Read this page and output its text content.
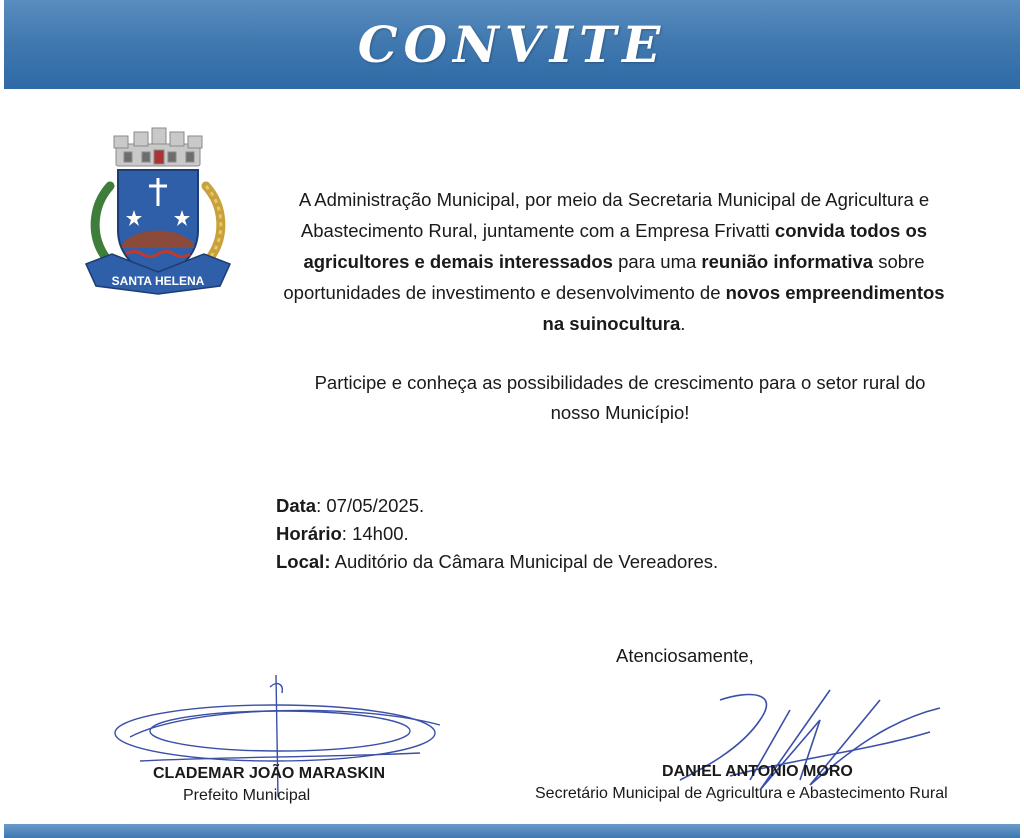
CONVITE
SANTA HELENA
A Administração Municipal, por meio da Secretaria Municipal de Agricultura e Abastecimento Rural, juntamente com a Empresa Frivatti convida todos os agricultores e demais interessados para uma reunião informativa sobre oportunidades de investimento e desenvolvimento de novos empreendimentos na suinocultura.
Participe e conheça as possibilidades de crescimento para o setor rural do nosso Município!
Data: 07/05/2025.
Horário: 14h00.
Local: Auditório da Câmara Municipal de Vereadores.
Atenciosamente,
CLADEMAR JOÃO MARASKIN
Prefeito Municipal
DANIEL ANTONIO MORO
Secretário Municipal de Agricultura e Abastecimento Rural
